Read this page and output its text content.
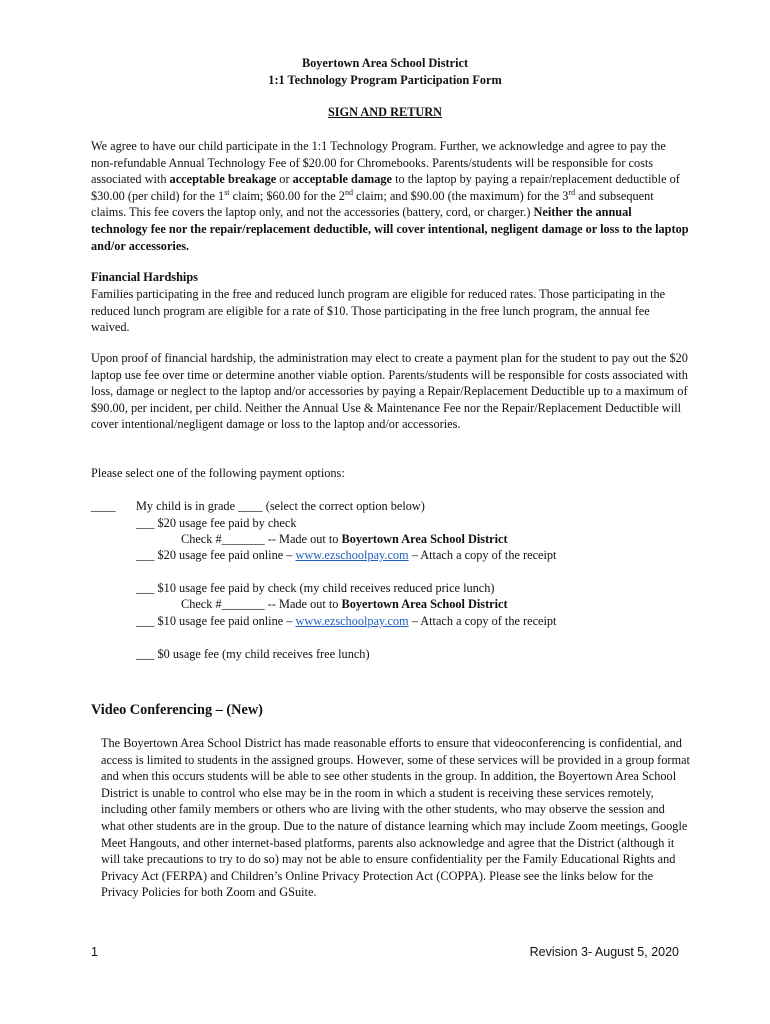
Boyertown Area School District
1:1 Technology Program Participation Form
SIGN AND RETURN
We agree to have our child participate in the 1:1 Technology Program. Further, we acknowledge and agree to pay the non-refundable Annual Technology Fee of $20.00 for Chromebooks. Parents/students will be responsible for costs associated with acceptable breakage or acceptable damage to the laptop by paying a repair/replacement deductible of $30.00 (per child) for the 1st claim; $60.00 for the 2nd claim; and $90.00 (the maximum) for the 3rd and subsequent claims. This fee covers the laptop only, and not the accessories (battery, cord, or charger.) Neither the annual technology fee nor the repair/replacement deductible, will cover intentional, negligent damage or loss to the laptop and/or accessories.
Financial Hardships
Families participating in the free and reduced lunch program are eligible for reduced rates. Those participating in the reduced lunch program are eligible for a rate of $10. Those participating in the free lunch program, the annual fee waived.
Upon proof of financial hardship, the administration may elect to create a payment plan for the student to pay out the $20 laptop use fee over time or determine another viable option. Parents/students will be responsible for costs associated with loss, damage or neglect to the laptop and/or accessories by paying a Repair/Replacement Deductible up to a maximum of $90.00, per incident, per child. Neither the Annual Use & Maintenance Fee nor the Repair/Replacement Deductible will cover intentional/negligent damage or loss to the laptop and/or accessories.
Please select one of the following payment options:
____ My child is in grade ____ (select the correct option below)
___ $20 usage fee paid by check
Check #_______ -- Made out to Boyertown Area School District
___ $20 usage fee paid online – www.ezschoolpay.com – Attach a copy of the receipt
___ $10 usage fee paid by check (my child receives reduced price lunch)
Check #_______ -- Made out to Boyertown Area School District
___ $10 usage fee paid online – www.ezschoolpay.com – Attach a copy of the receipt
___ $0 usage fee (my child receives free lunch)
Video Conferencing – (New)
The Boyertown Area School District has made reasonable efforts to ensure that videoconferencing is confidential, and access is limited to students in the assigned groups. However, some of these services will be provided in a group format and when this occurs students will be able to see other students in the group. In addition, the Boyertown Area School District is unable to control who else may be in the room in which a student is receiving these services remotely, including other family members or others who are living with the other students, who may observe the session and what other students are in the group. Due to the nature of distance learning which may include Zoom meetings, Google Meet Hangouts, and other internet-based platforms, parents also acknowledge and agree that the District (although it will take precautions to try to do so) may not be able to ensure confidentiality per the Family Educational Rights and Privacy Act (FERPA) and Children’s Online Privacy Protection Act (COPPA). Please see the links below for the Privacy Policies for both Zoom and GSuite.
1	Revision 3- August 5, 2020
